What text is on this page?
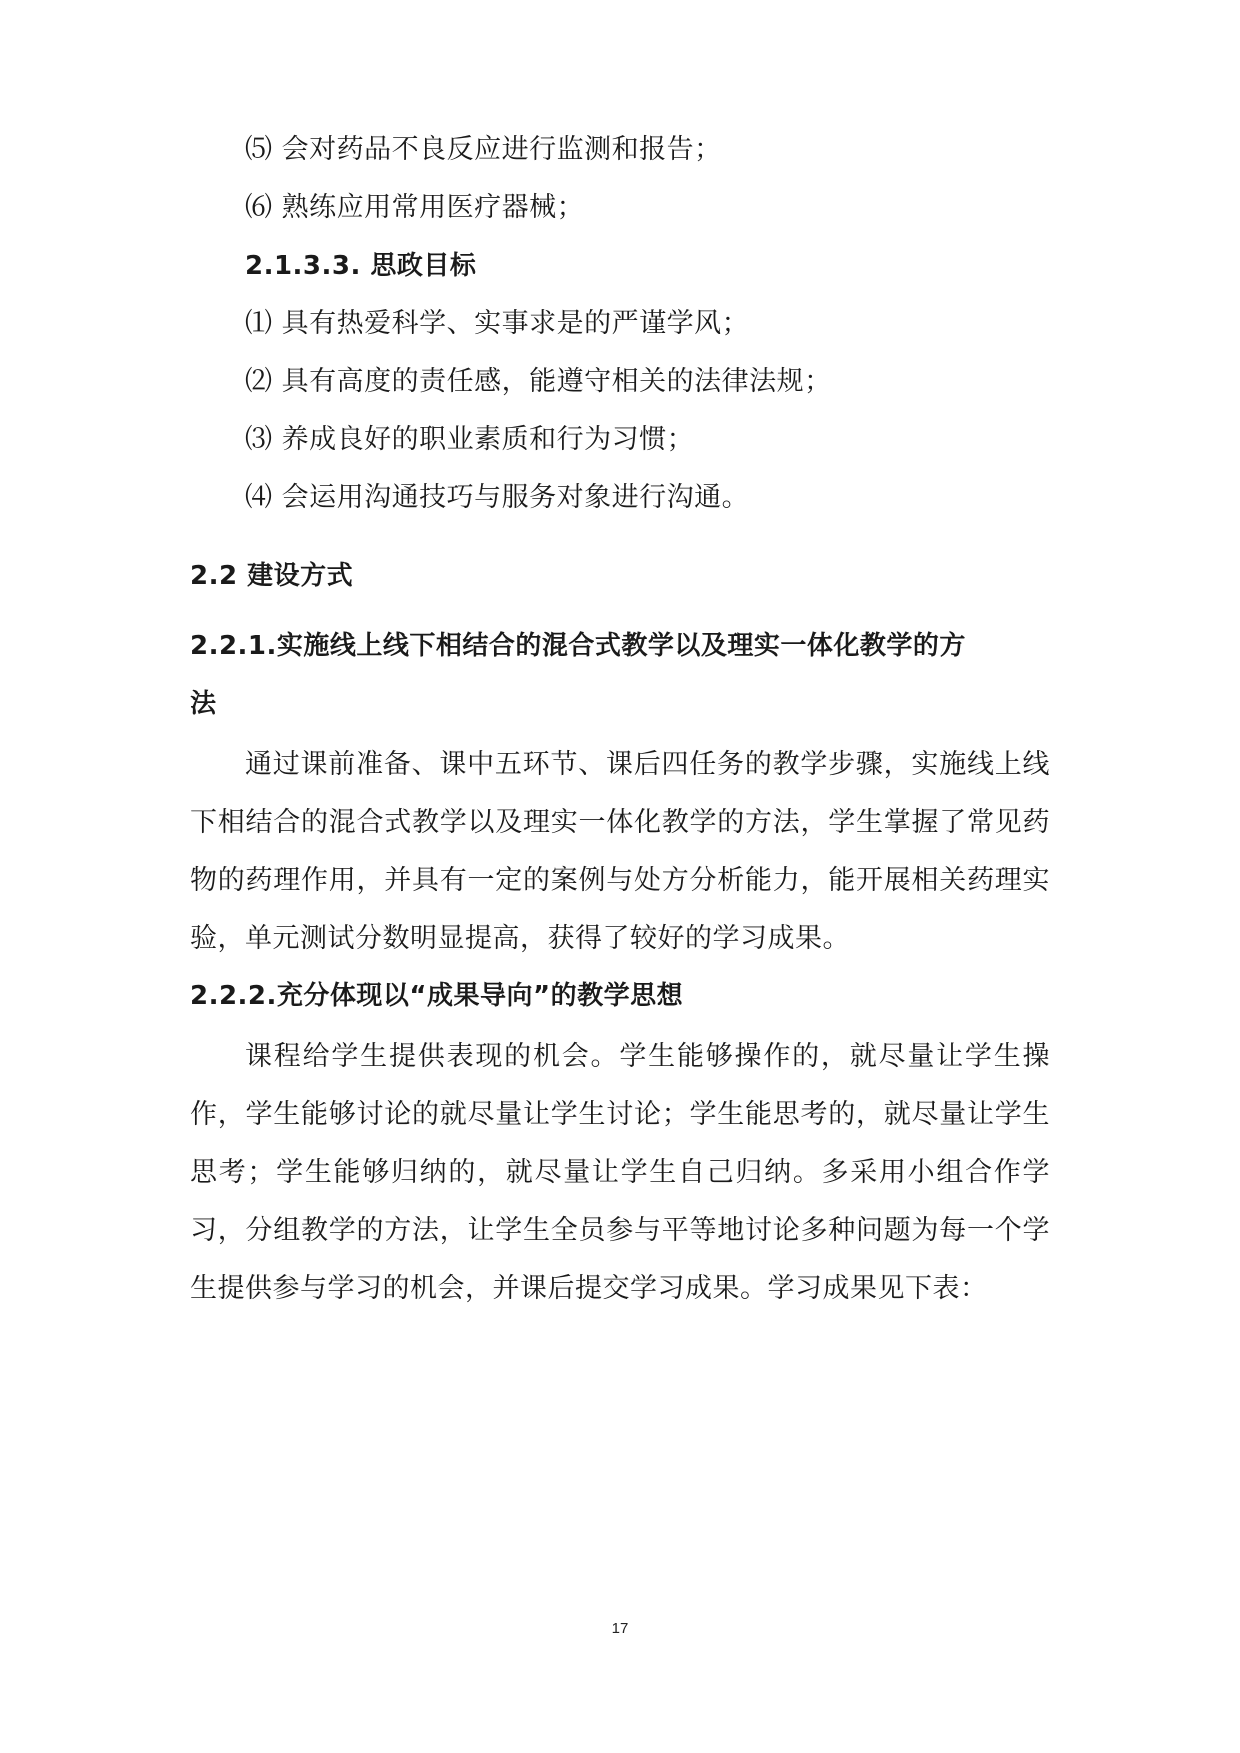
⑸ 会对药品不良反应进行监测和报告；
⑹ 熟练应用常用医疗器械；
2.1.3.3. 思政目标
⑴ 具有热爱科学、实事求是的严谨学风；
⑵ 具有高度的责任感，能遵守相关的法律法规；
⑶ 养成良好的职业素质和行为习惯；
⑷ 会运用沟通技巧与服务对象进行沟通。
2.2 建设方式
2.2.1.实施线上线下相结合的混合式教学以及理实一体化教学的方
法
通过课前准备、课中五环节、课后四任务的教学步骤，实施线上线下相结合的混合式教学以及理实一体化教学的方法，学生掌握了常见药物的药理作用，并具有一定的案例与处方分析能力，能开展相关药理实验，单元测试分数明显提高，获得了较好的学习成果。
2.2.2.充分体现以“成果导向”的教学思想
课程给学生提供表现的机会。学生能够操作的，就尽量让学生操作，学生能够讨论的就尽量让学生讨论；学生能思考的，就尽量让学生思考；学生能够归纳的，就尽量让学生自己归纳。多采用小组合作学习，分组教学的方法，让学生全员参与平等地讨论多种问题为每一个学生提供参与学习的机会，并课后提交学习成果。学习成果见下表：
17
